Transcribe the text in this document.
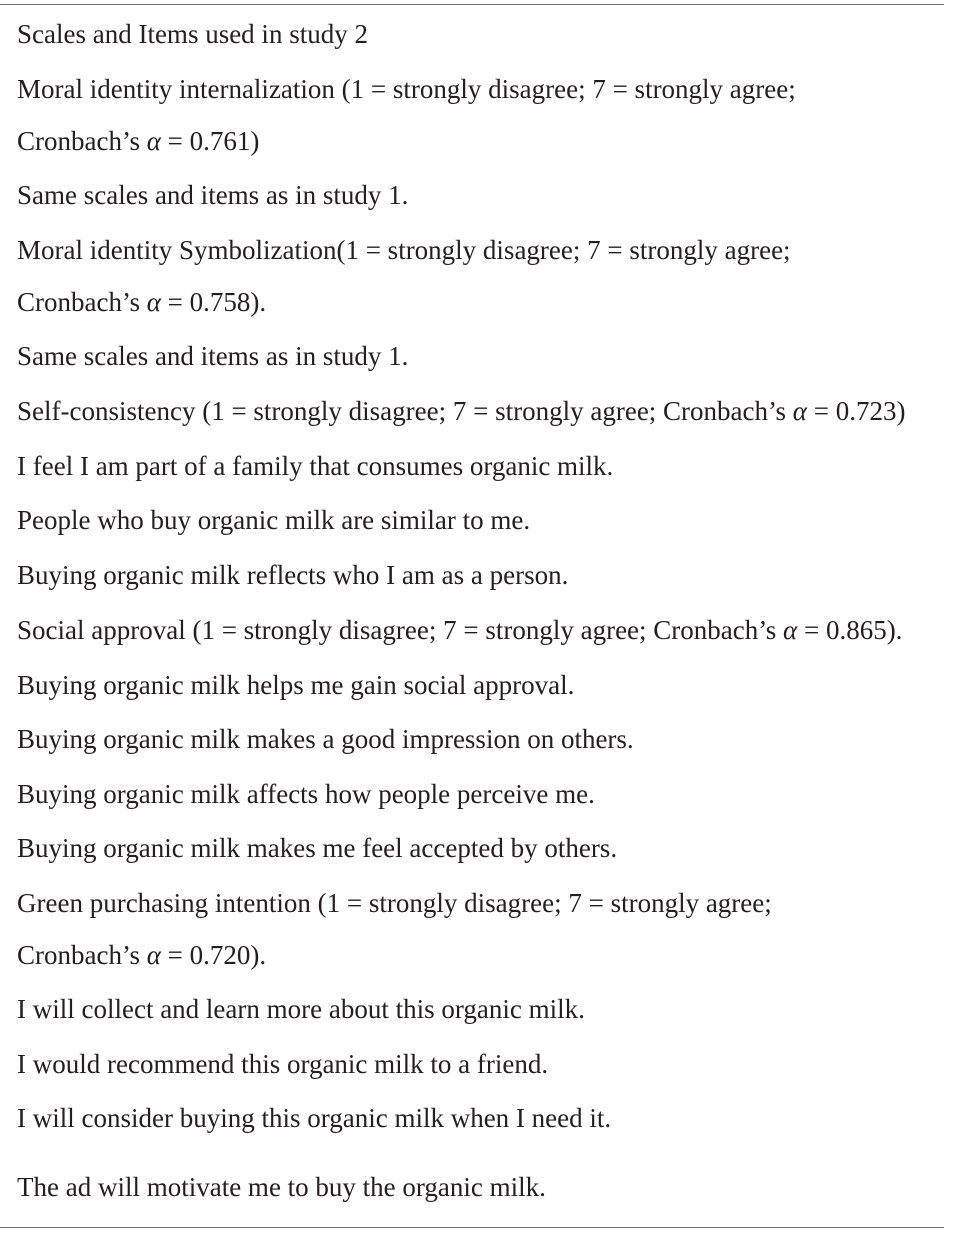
Scales and Items used in study 2

Moral identity internalization (1 = strongly disagree; 7 = strongly agree;

Cronbach’s α = 0.761)

Same scales and items as in study 1.

Moral identity Symbolization(1 = strongly disagree; 7 = strongly agree;

Cronbach’s α = 0.758).

Same scales and items as in study 1.

Self-consistency (1 = strongly disagree; 7 = strongly agree; Cronbach’s α = 0.723)

I feel I am part of a family that consumes organic milk.

People who buy organic milk are similar to me.

Buying organic milk reflects who I am as a person.

Social approval (1 = strongly disagree; 7 = strongly agree; Cronbach’s α = 0.865).

Buying organic milk helps me gain social approval.

Buying organic milk makes a good impression on others.

Buying organic milk affects how people perceive me.

Buying organic milk makes me feel accepted by others.

Green purchasing intention (1 = strongly disagree; 7 = strongly agree;

Cronbach’s α = 0.720).

I will collect and learn more about this organic milk.

I would recommend this organic milk to a friend.

I will consider buying this organic milk when I need it.

The ad will motivate me to buy the organic milk.
